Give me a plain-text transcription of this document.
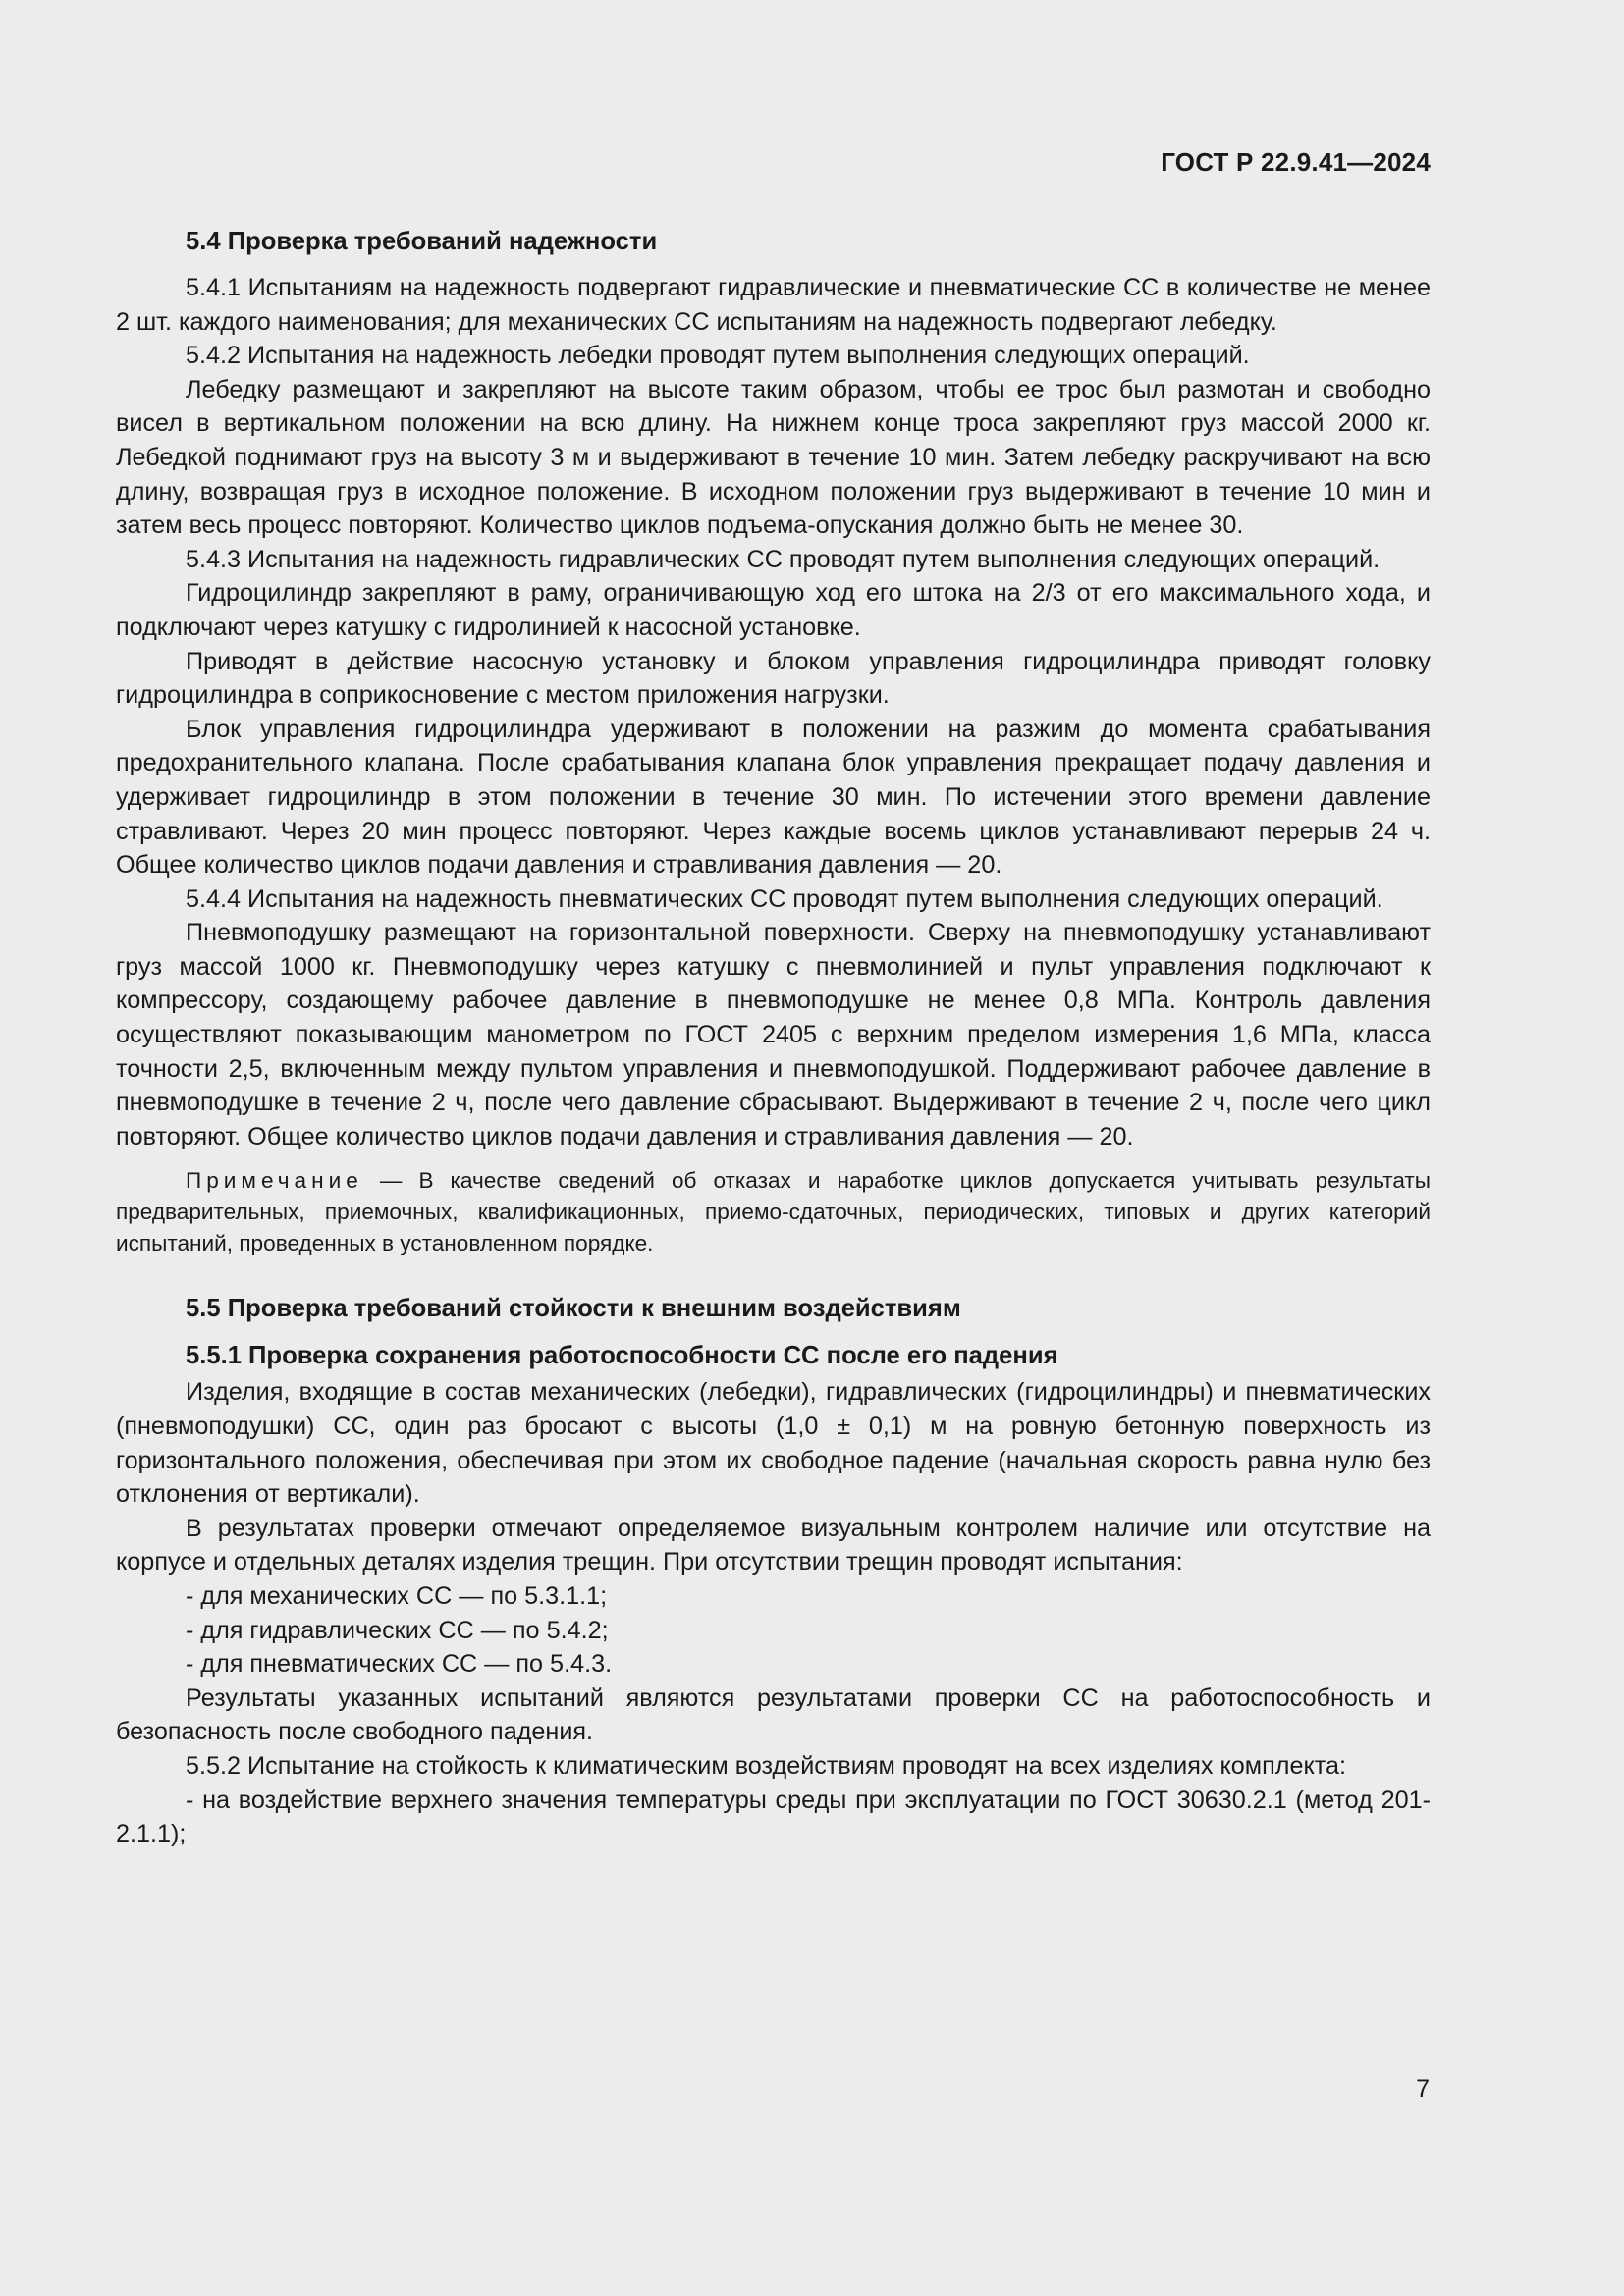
ГОСТ Р 22.9.41—2024
5.4 Проверка требований надежности

5.4.1 Испытаниям на надежность подвергают гидравлические и пневматические СС в количестве не менее 2 шт. каждого наименования; для механических СС испытаниям на надежность подвергают лебедку.

5.4.2 Испытания на надежность лебедки проводят путем выполнения следующих операций.

Лебедку размещают и закрепляют на высоте таким образом, чтобы ее трос был размотан и свободно висел в вертикальном положении на всю длину. На нижнем конце троса закрепляют груз массой 2000 кг. Лебедкой поднимают груз на высоту 3 м и выдерживают в течение 10 мин. Затем лебедку раскручивают на всю длину, возвращая груз в исходное положение. В исходном положении груз выдерживают в течение 10 мин и затем весь процесс повторяют. Количество циклов подъема-опускания должно быть не менее 30.

5.4.3 Испытания на надежность гидравлических СС проводят путем выполнения следующих операций.

Гидроцилиндр закрепляют в раму, ограничивающую ход его штока на 2/3 от его максимального хода, и подключают через катушку с гидролинией к насосной установке.

Приводят в действие насосную установку и блоком управления гидроцилиндра приводят головку гидроцилиндра в соприкосновение с местом приложения нагрузки.

Блок управления гидроцилиндра удерживают в положении на разжим до момента срабатывания предохранительного клапана. После срабатывания клапана блок управления прекращает подачу давления и удерживает гидроцилиндр в этом положении в течение 30 мин. По истечении этого времени давление стравливают. Через 20 мин процесс повторяют. Через каждые восемь циклов устанавливают перерыв 24 ч. Общее количество циклов подачи давления и стравливания давления — 20.

5.4.4 Испытания на надежность пневматических СС проводят путем выполнения следующих операций.

Пневмоподушку размещают на горизонтальной поверхности. Сверху на пневмоподушку устанавливают груз массой 1000 кг. Пневмоподушку через катушку с пневмолинией и пульт управления подключают к компрессору, создающему рабочее давление в пневмоподушке не менее 0,8 МПа. Контроль давления осуществляют показывающим манометром по ГОСТ 2405 с верхним пределом измерения 1,6 МПа, класса точности 2,5, включенным между пультом управления и пневмоподушкой. Поддерживают рабочее давление в пневмоподушке в течение 2 ч, после чего давление сбрасывают. Выдерживают в течение 2 ч, после чего цикл повторяют. Общее количество циклов подачи давления и стравливания давления — 20.

Примечание — В качестве сведений об отказах и наработке циклов допускается учитывать результаты предварительных, приемочных, квалификационных, приемо-сдаточных, периодических, типовых и других категорий испытаний, проведенных в установленном порядке.

5.5 Проверка требований стойкости к внешним воздействиям
5.5.1 Проверка сохранения работоспособности СС после его падения

Изделия, входящие в состав механических (лебедки), гидравлических (гидроцилиндры) и пневматических (пневмоподушки) СС, один раз бросают с высоты (1,0 ± 0,1) м на ровную бетонную поверхность из горизонтального положения, обеспечивая при этом их свободное падение (начальная скорость равна нулю без отклонения от вертикали).

В результатах проверки отмечают определяемое визуальным контролем наличие или отсутствие на корпусе и отдельных деталях изделия трещин. При отсутствии трещин проводят испытания:

- для механических СС — по 5.3.1.1;

- для гидравлических СС — по 5.4.2;

- для пневматических СС — по 5.4.3.

Результаты указанных испытаний являются результатами проверки СС на работоспособность и безопасность после свободного падения.

5.5.2 Испытание на стойкость к климатическим воздействиям проводят на всех изделиях комплекта:

- на воздействие верхнего значения температуры среды при эксплуатации по ГОСТ 30630.2.1 (метод 201-2.1.1);

7
